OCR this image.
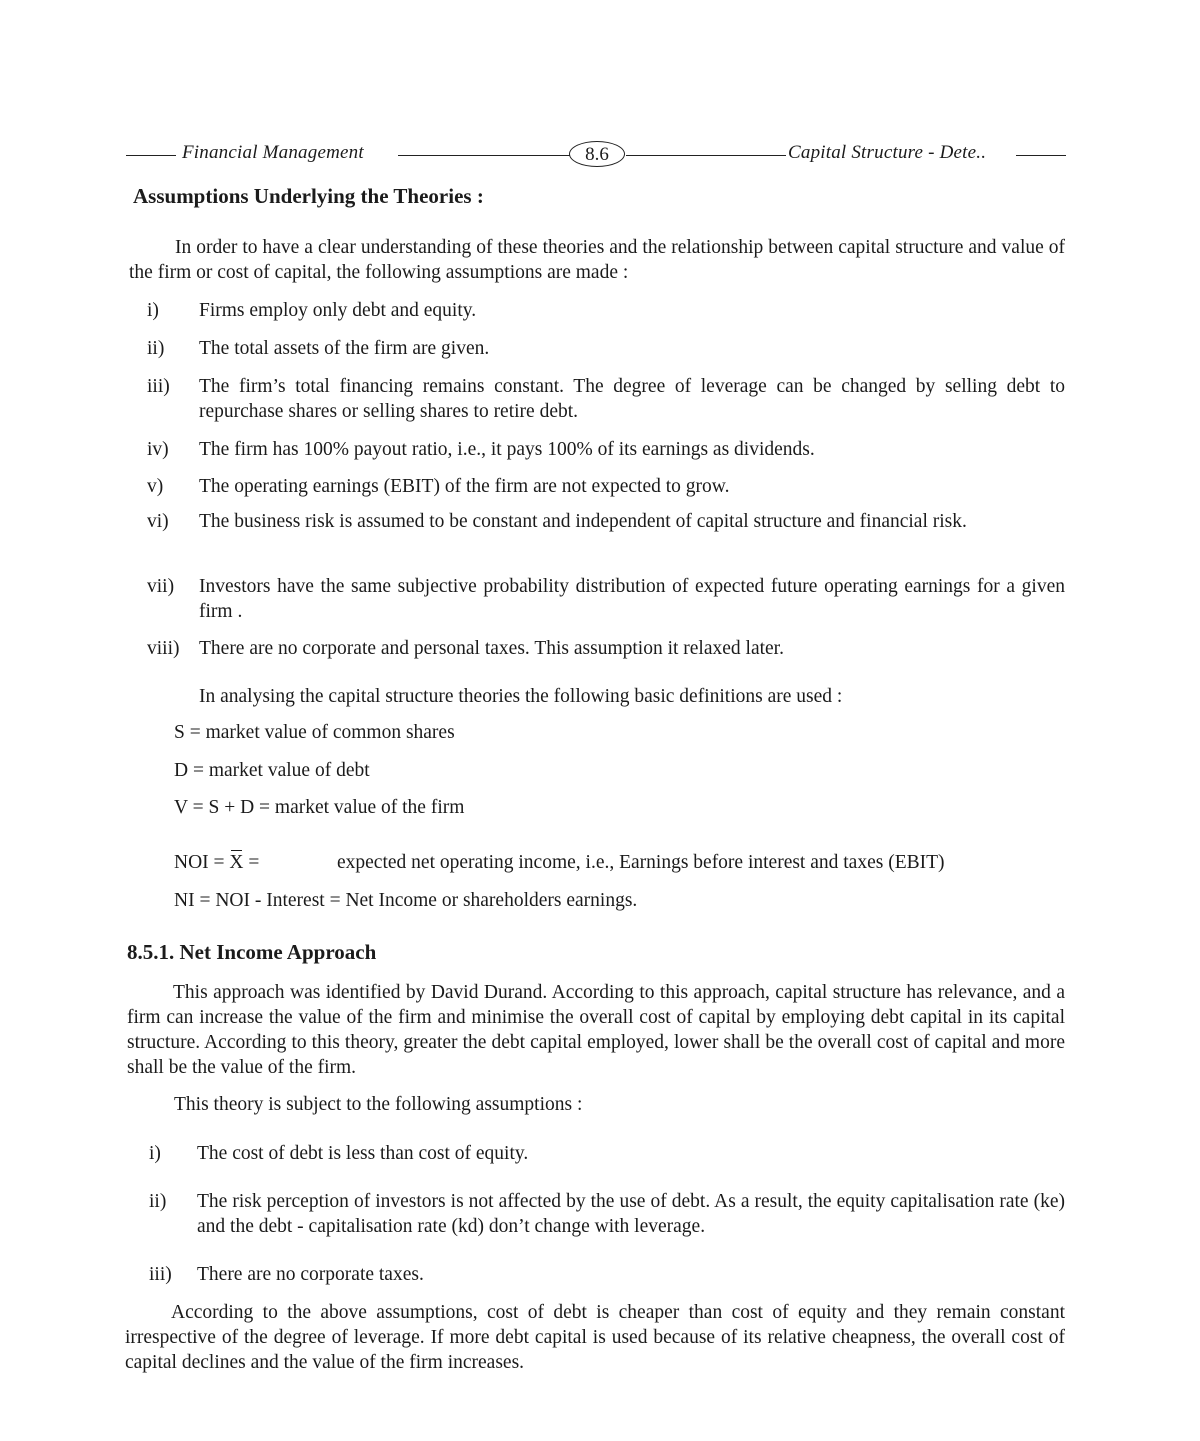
Financial Management	8.6	Capital Structure - Dete..
Assumptions Underlying the Theories :
In order to have a clear understanding of these theories and the relationship between capital structure and value of the firm or cost of capital, the following assumptions are made :
i) Firms employ only debt and equity.
ii) The total assets of the firm are given.
iii) The firm’s total financing remains constant. The degree of leverage can be changed by selling debt to repurchase shares or selling shares to retire debt.
iv) The firm has 100% payout ratio, i.e., it pays 100% of its earnings as dividends.
v) The operating earnings (EBIT) of the firm are not expected to grow.
vi) The business risk is assumed to be constant and independent of capital structure and financial risk.
vii) Investors have the same subjective probability distribution of expected future operating earnings for a given firm .
viii) There are no corporate and personal taxes. This assumption it relaxed later.
In analysing the capital structure theories the following basic definitions are used :
S = market value of common shares
D = market value of debt
V = S + D = market value of the firm
NOI = X =	expected net operating income, i.e., Earnings before interest and taxes (EBIT)
NI = NOI - Interest = Net Income or shareholders earnings.
8.5.1. Net Income Approach
This approach was identified by David Durand. According to this approach, capital structure has relevance, and a firm can increase the value of the firm and minimise the overall cost of capital by employing debt capital in its capital structure. According to this theory, greater the debt capital employed, lower shall be the overall cost of capital and more shall be the value of the firm.
This theory is subject to the following assumptions :
i) The cost of debt is less than cost of equity.
ii) The risk perception of investors is not affected by the use of debt. As a result, the equity capitalisation rate (ke) and the debt - capitalisation rate (kd) don’t change with leverage.
iii) There are no corporate taxes.
According to the above assumptions, cost of debt is cheaper than cost of equity and they remain constant irrespective of the degree of leverage. If more debt capital is used because of its relative cheapness, the overall cost of capital declines and the value of the firm increases.
